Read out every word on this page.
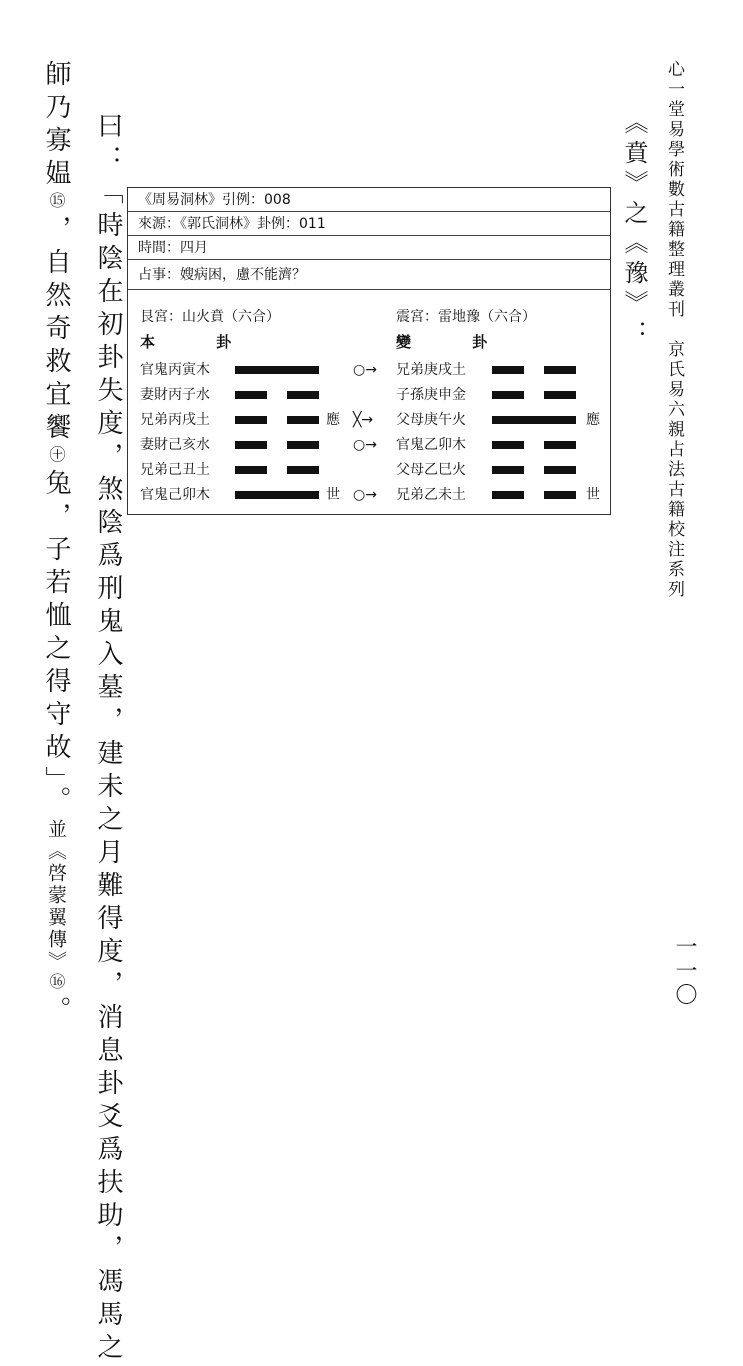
心一堂易學術數古籍整理叢刊京氏易六親占法古籍校注系列
一一〇
《賁》之《豫》：
曰：「時陰在初卦失度，煞陰爲刑鬼入墓，建未之月難得度，消息卦爻爲扶助，馮馬之
師乃寡媪⑮，自然奇救宜饗㊉兔，子若恤之得守故」。並《啓蒙翼傳》⑯。
《周易洞林》引例：008
來源：《郭氏洞林》卦例：011
時間：四月
占事：嫂病困，慮不能濟？
艮宮：山火賁（六合）	震宮：雷地豫（六合）
本	卦	變	卦
官鬼丙寅木	○→ 兄弟庚戌土
妻財丙子水	子孫庚申金
兄弟丙戌土	應 ╳→ 父母庚午火	應
妻財己亥水	○→ 官鬼乙卯木
兄弟己丑土	父母乙巳火
官鬼己卯木	世 ○→ 兄弟乙未土	世
